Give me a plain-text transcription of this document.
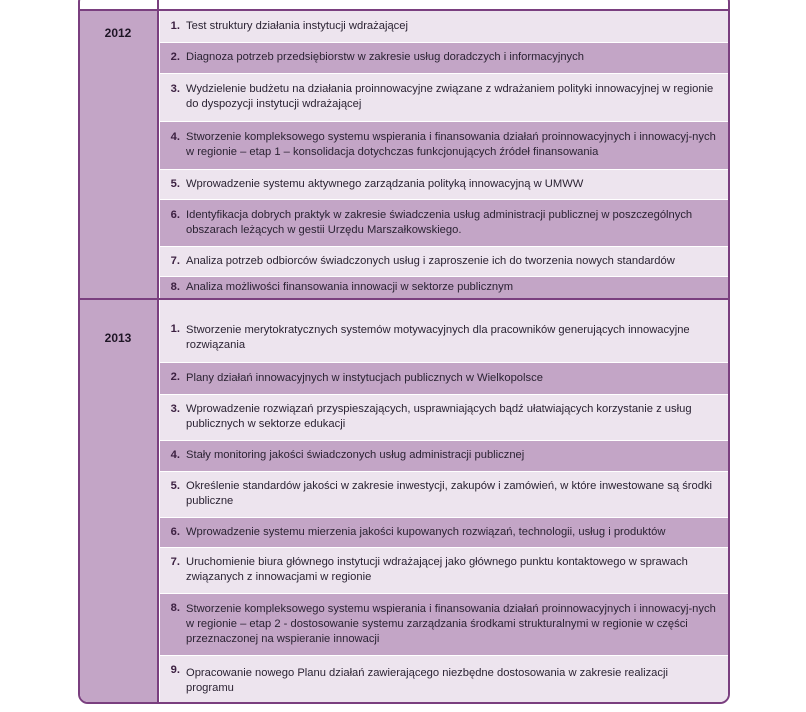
2012	1. Test struktury działania instytucji wdrażającej
2. Diagnoza potrzeb przedsiębiorstw w zakresie usług doradczych i informacyjnych
3. Wydzielenie budżetu na działania proinnowacyjne związane z wdrażaniem polityki innowacyjnej w regionie do dyspozycji instytucji wdrażającej
4. Stworzenie kompleksowego systemu wspierania i finansowania działań proinnowacyjnych i innowacyj-nych w regionie – etap 1 – konsolidacja dotychczas funkcjonujących źródeł finansowania
5. Wprowadzenie systemu aktywnego zarządzania polityką innowacyjną w UMWW
6. Identyfikacja dobrych praktyk w zakresie świadczenia usług administracji publicznej w poszczególnych obszarach leżących w gestii Urzędu Marszałkowskiego.
7. Analiza potrzeb odbiorców świadczonych usług i zaproszenie ich do tworzenia nowych standardów
8. Analiza możliwości finansowania innowacji w sektorze publicznym
2013
1. Stworzenie merytokratycznych systemów motywacyjnych dla pracowników generujących innowacyjne rozwiązania
2. Plany działań innowacyjnych w instytucjach publicznych w Wielkopolsce
3. Wprowadzenie rozwiązań przyspieszających, usprawniających bądź ułatwiających korzystanie z usług publicznych w sektorze edukacji
4. Stały monitoring jakości świadczonych usług administracji publicznej
5. Określenie standardów jakości w zakresie inwestycji, zakupów i zamówień, w które inwestowane są środki publiczne
6. Wprowadzenie systemu mierzenia jakości kupowanych rozwiązań, technologii, usług i produktów
7. Uruchomienie biura głównego instytucji wdrażającej jako głównego punktu kontaktowego w sprawach związanych z innowacjami w regionie
8. Stworzenie kompleksowego systemu wspierania i finansowania działań proinnowacyjnych i innowacyj-nych w regionie – etap 2 - dostosowanie systemu zarządzania środkami strukturalnymi w regionie w części przeznaczonej na wspieranie innowacji
9. Opracowanie nowego Planu działań zawierającego niezbędne dostosowania w zakresie realizacji programu
